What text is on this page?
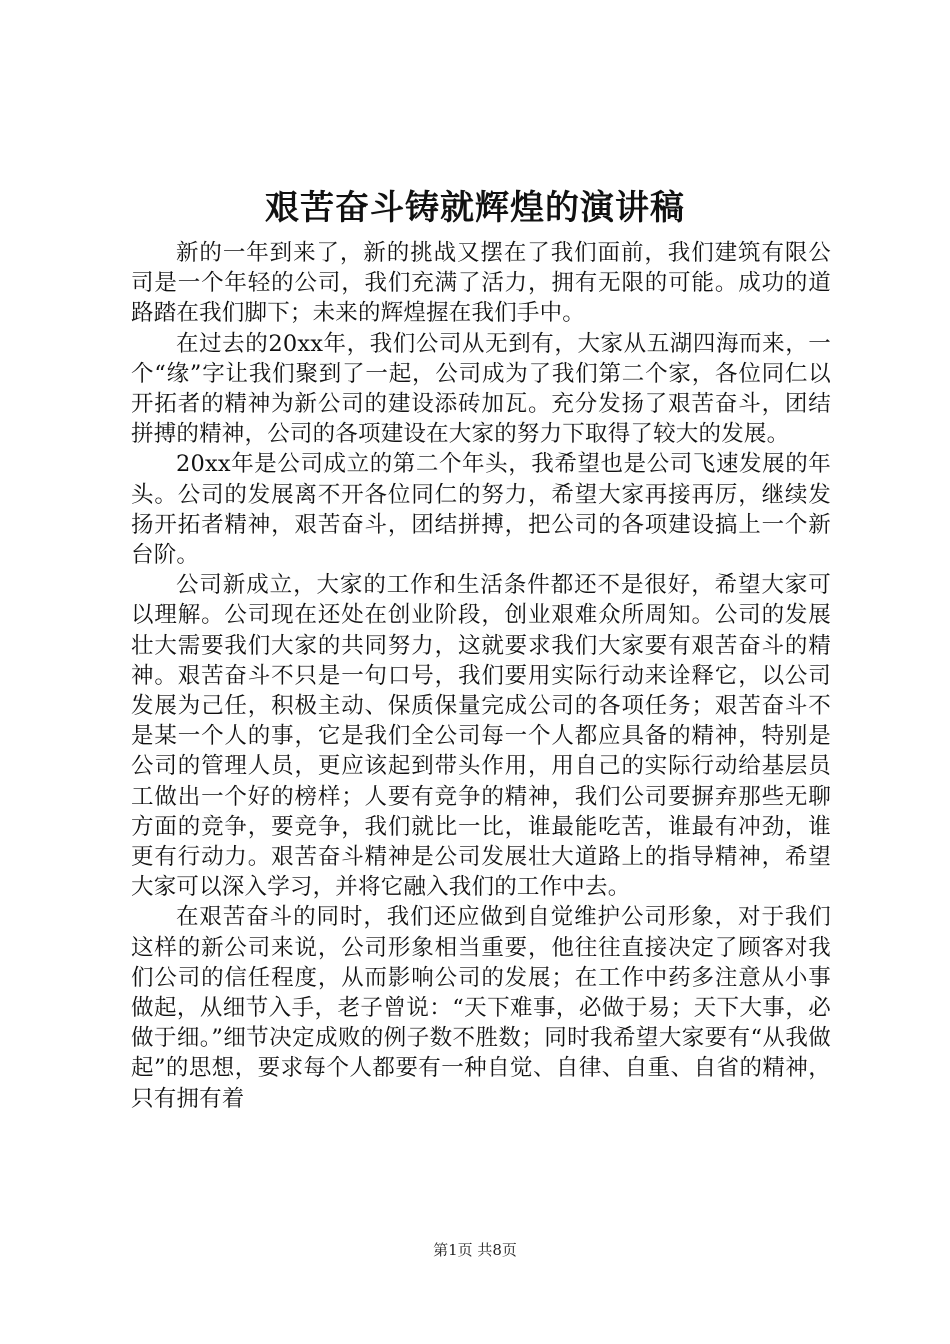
艰苦奋斗铸就辉煌的演讲稿

新的一年到来了，新的挑战又摆在了我们面前，我们建筑有限公司是一个年轻的公司，我们充满了活力，拥有无限的可能。成功的道路踏在我们脚下；未来的辉煌握在我们手中。

在过去的20xx年，我们公司从无到有，大家从五湖四海而来，一个“缘”字让我们聚到了一起，公司成为了我们第二个家，各位同仁以开拓者的精神为新公司的建设添砖加瓦。充分发扬了艰苦奋斗，团结拼搏的精神，公司的各项建设在大家的努力下取得了较大的发展。

20xx年是公司成立的第二个年头，我希望也是公司飞速发展的年头。公司的发展离不开各位同仁的努力，希望大家再接再厉，继续发扬开拓者精神，艰苦奋斗，团结拼搏，把公司的各项建设搞上一个新台阶。

公司新成立，大家的工作和生活条件都还不是很好，希望大家可以理解。公司现在还处在创业阶段，创业艰难众所周知。公司的发展壮大需要我们大家的共同努力，这就要求我们大家要有艰苦奋斗的精神。艰苦奋斗不只是一句口号，我们要用实际行动来诠释它，以公司发展为己任，积极主动、保质保量完成公司的各项任务；艰苦奋斗不是某一个人的事，它是我们全公司每一个人都应具备的精神，特别是公司的管理人员，更应该起到带头作用，用自己的实际行动给基层员工做出一个好的榜样；人要有竞争的精神，我们公司要摒弃那些无聊方面的竞争，要竞争，我们就比一比，谁最能吃苦，谁最有冲劲，谁更有行动力。艰苦奋斗精神是公司发展壮大道路上的指导精神，希望大家可以深入学习，并将它融入我们的工作中去。

在艰苦奋斗的同时，我们还应做到自觉维护公司形象，对于我们这样的新公司来说，公司形象相当重要，他往往直接决定了顾客对我们公司的信任程度，从而影响公司的发展；在工作中药多注意从小事做起，从细节入手，老子曾说：“天下难事，必做于易；天下大事，必做于细。”细节决定成败的例子数不胜数；同时我希望大家要有“从我做起”的思想，要求每个人都要有一种自觉、自律、自重、自省的精神，只有拥有着

第1页 共8页
